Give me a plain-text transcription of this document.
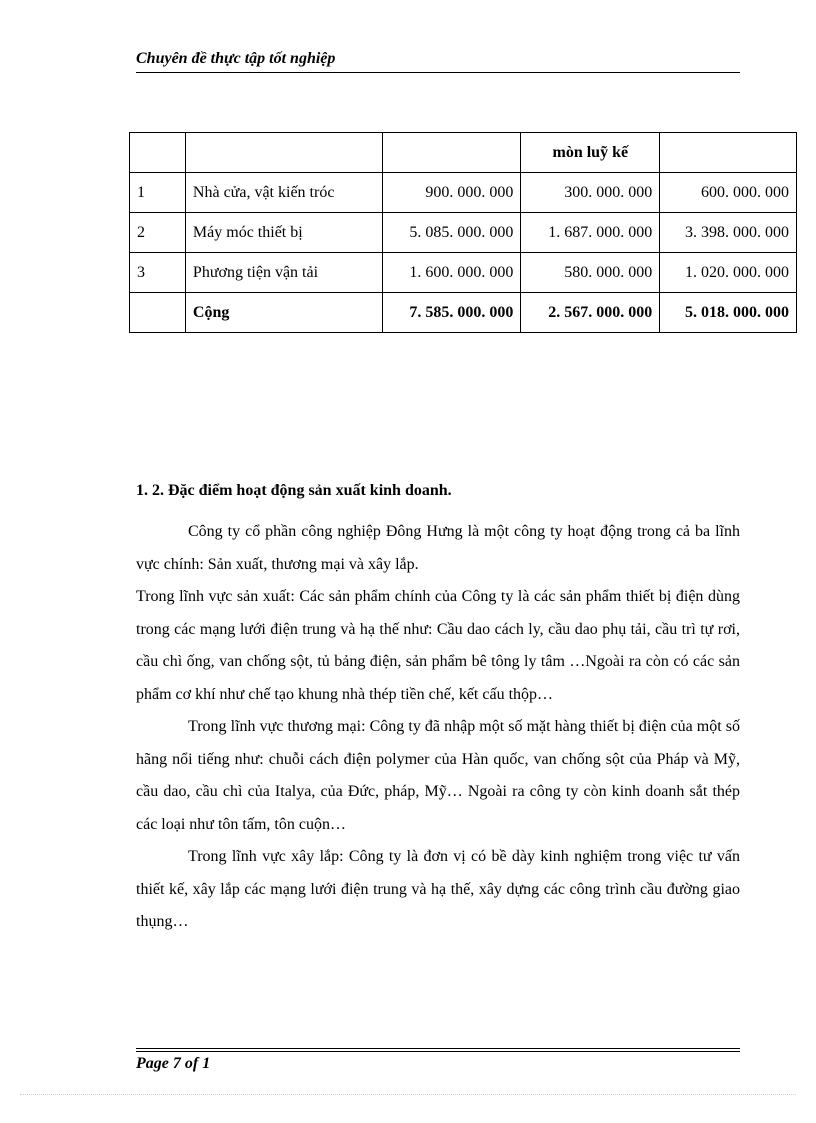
Chuyên đề thực tập tốt nghiệp
			mòn luỹ kế	
1	Nhà cửa, vật kiến tróc	900. 000. 000	300. 000. 000	600. 000. 000
2	Máy móc thiết bị	5. 085. 000. 000	1. 687. 000. 000	3. 398. 000. 000
3	Phương tiện vận tải	1. 600. 000. 000	580. 000. 000	1. 020. 000. 000
	Cộng	7. 585. 000. 000	2. 567. 000. 000	5. 018. 000. 000
1. 2. Đặc điểm hoạt động sản xuất kinh doanh.

Công ty cổ phần công nghiệp Đông Hưng là một công ty hoạt động trong cả ba lĩnh vực chính: Sản xuất, thương mại và xây lắp.

Trong lĩnh vực sản xuất: Các sản phẩm chính của Công ty là các sản phẩm thiết bị điện dùng trong các mạng lưới điện trung và hạ thế như: Cầu dao cách ly, cầu dao phụ tải, cầu trì tự rơi, cầu chì ống, van chống sột, tủ bảng điện, sản phẩm bê tông ly tâm …Ngoài ra còn có các sản phẩm cơ khí như chế tạo khung nhà thép tiền chế, kết cấu thộp…

Trong lĩnh vực thương mại: Công ty đã nhập một số mặt hàng thiết bị điện của một số hãng nổi tiếng như: chuỗi cách điện polymer của Hàn quốc, van chống sột của Pháp và Mỹ, cầu dao, cầu chì của Italya, của Đức, pháp, Mỹ… Ngoài ra công ty còn kinh doanh sắt thép các loại như tôn tấm, tôn cuộn…

Trong lĩnh vực xây lắp: Công ty là đơn vị có bề dày kinh nghiệm trong việc tư vấn thiết kế, xây lắp các mạng lưới điện trung và hạ thế, xây dựng các công trình cầu đường giao thụng…

Page 7 of 1
